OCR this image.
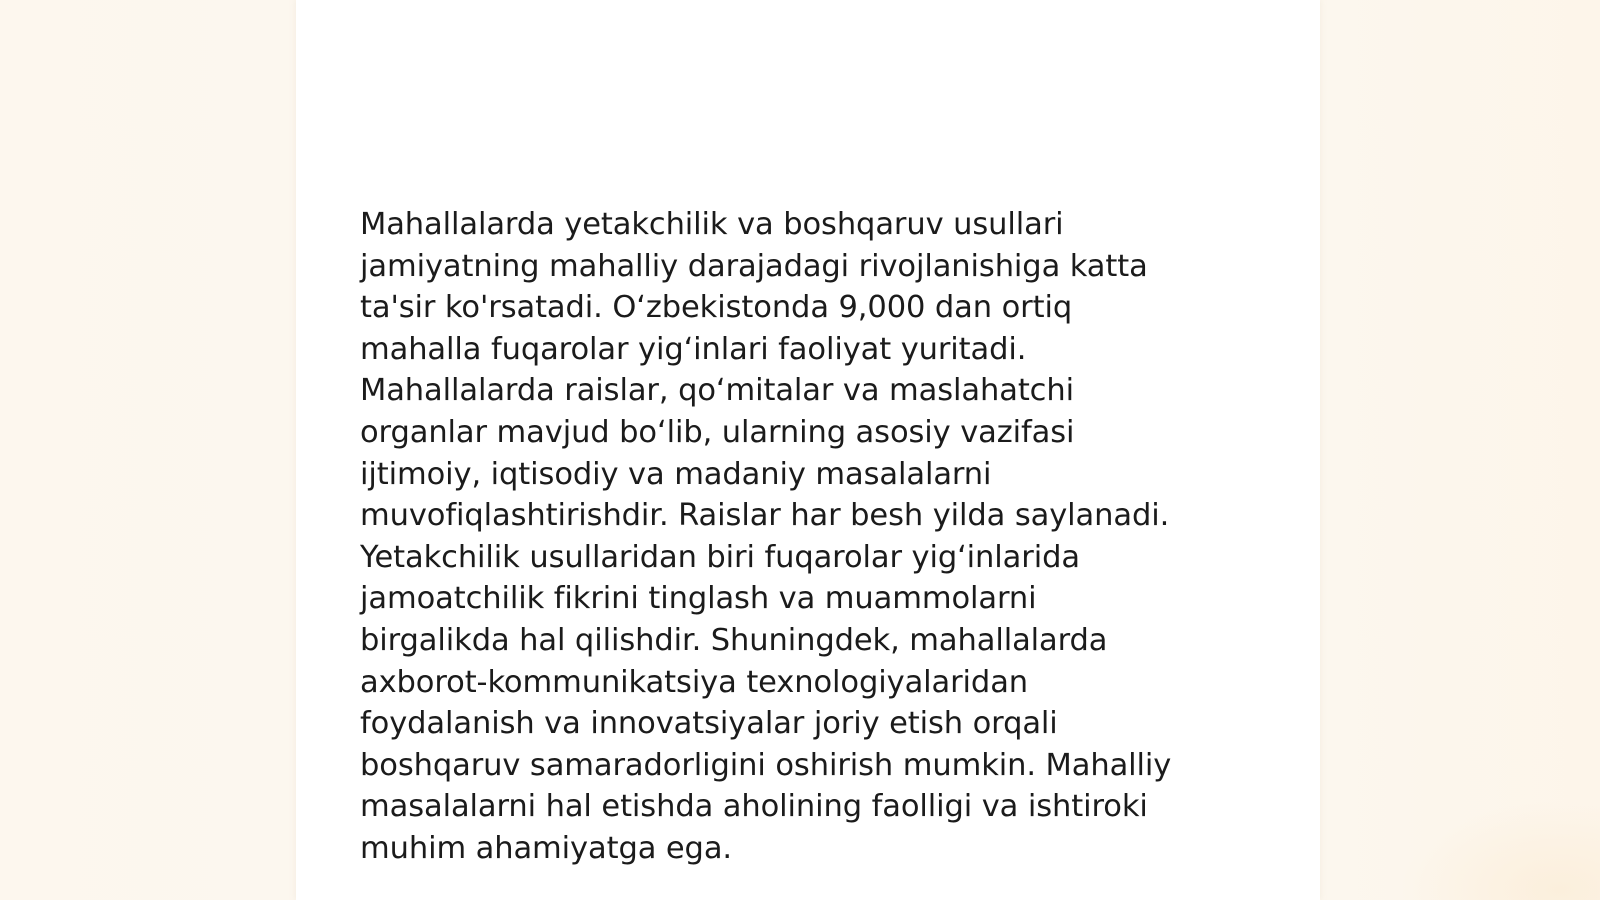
Mahallalarda yetakchilik va boshqaruv usullari
jamiyatning mahalliy darajadagi rivojlanishiga katta
ta'sir ko'rsatadi. O‘zbekistonda 9,000 dan ortiq
mahalla fuqarolar yig‘inlari faoliyat yuritadi.
Mahallalarda raislar, qo‘mitalar va maslahatchi
organlar mavjud bo‘lib, ularning asosiy vazifasi
ijtimoiy, iqtisodiy va madaniy masalalarni
muvofiqlashtirishdir. Raislar har besh yilda saylanadi.
Yetakchilik usullaridan biri fuqarolar yig‘inlarida
jamoatchilik fikrini tinglash va muammolarni
birgalikda hal qilishdir. Shuningdek, mahallalarda
axborot-kommunikatsiya texnologiyalaridan
foydalanish va innovatsiyalar joriy etish orqali
boshqaruv samaradorligini oshirish mumkin. Mahalliy
masalalarni hal etishda aholining faolligi va ishtiroki
muhim ahamiyatga ega.
